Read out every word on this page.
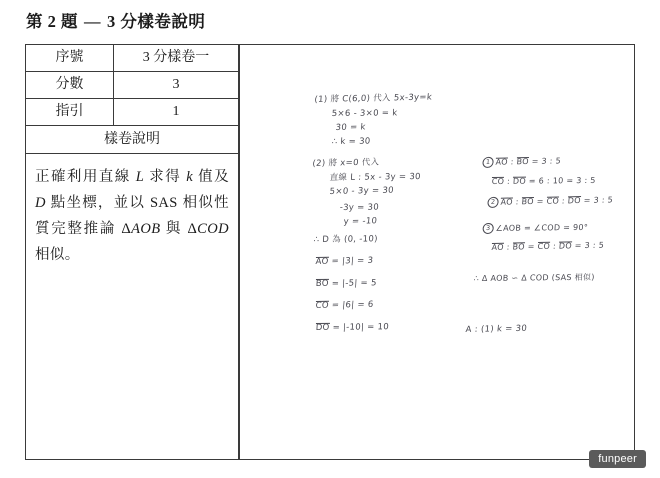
第 2 題 — 3 分樣卷說明
序號	3 分樣卷一
分數	3
指引	1
樣卷說明
正確利用直線 L 求得 k 值及 D 點坐標，並以 SAS 相似性質完整推論 ΔAOB 與 ΔCOD 相似。
(1) 將 C(6,0) 代入 5x-3y=k
5×6 - 3×0 = k
30 = k
∴ k = 30
(2) 將 x=0 代入
直線 L : 5x - 3y = 30
5×0 - 3y = 30
-3y = 30
y = -10
∴ D 為 (0, -10)
AO = |3| = 3
BO = |-5| = 5
CO = |6| = 6
DO = |-10| = 10
1 AO : BO = 3 : 5
CO : DO = 6 : 10 = 3 : 5
2 AO : BO = CO : DO = 3 : 5
3 ∠AOB = ∠COD = 90°
AO : BO = CO : DO = 3 : 5
∴ Δ AOB ∽ Δ COD (SAS 相似)
A : (1) k = 30
funpeer
